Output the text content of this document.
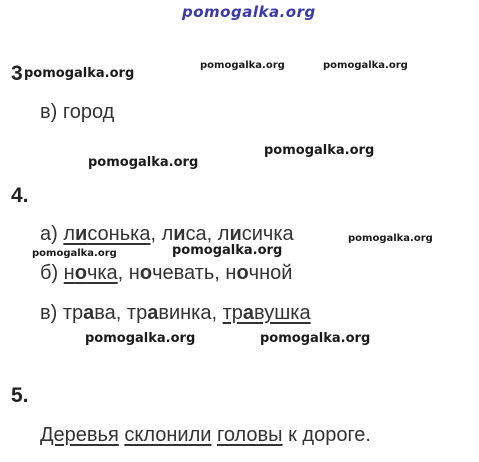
pomogalka.org
pomogalka.org
pomogalka.org	pomogalka.org
pomogalka.org
pomogalka.org
pomogalka.org
pomogalka.org	pomogalka.org
pomogalka.org	pomogalka.org
3
в) город
4.
а) лисонька, лиса, лисичка
б) ночка, ночевать, ночной
в) трава, травинка, травушка
5.
Деревья склонили головы к дороге.
